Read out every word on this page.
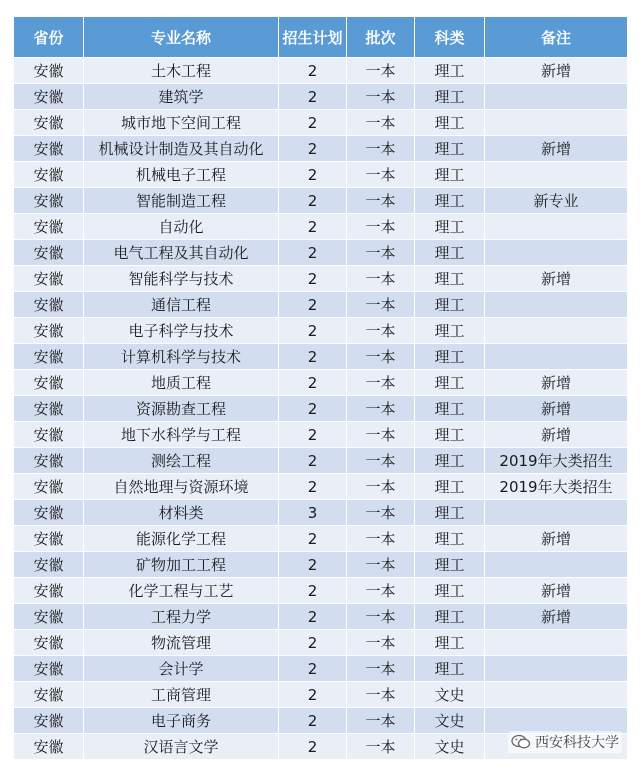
省份	专业名称	招生计划	批次	科类	备注
安徽	土木工程	2	一本	理工	新增
安徽	建筑学	2	一本	理工	
安徽	城市地下空间工程	2	一本	理工	
安徽	机械设计制造及其自动化	2	一本	理工	新增
安徽	机械电子工程	2	一本	理工	
安徽	智能制造工程	2	一本	理工	新专业
安徽	自动化	2	一本	理工	
安徽	电气工程及其自动化	2	一本	理工	
安徽	智能科学与技术	2	一本	理工	新增
安徽	通信工程	2	一本	理工	
安徽	电子科学与技术	2	一本	理工	
安徽	计算机科学与技术	2	一本	理工	
安徽	地质工程	2	一本	理工	新增
安徽	资源勘查工程	2	一本	理工	新增
安徽	地下水科学与工程	2	一本	理工	新增
安徽	测绘工程	2	一本	理工	2019年大类招生
安徽	自然地理与资源环境	2	一本	理工	2019年大类招生
安徽	材料类	3	一本	理工	
安徽	能源化学工程	2	一本	理工	新增
安徽	矿物加工工程	2	一本	理工	
安徽	化学工程与工艺	2	一本	理工	新增
安徽	工程力学	2	一本	理工	新增
安徽	物流管理	2	一本	理工	
安徽	会计学	2	一本	理工	
安徽	工商管理	2	一本	文史	
安徽	电子商务	2	一本	文史	
安徽	汉语言文学	2	一本	文史		西安科技大学
